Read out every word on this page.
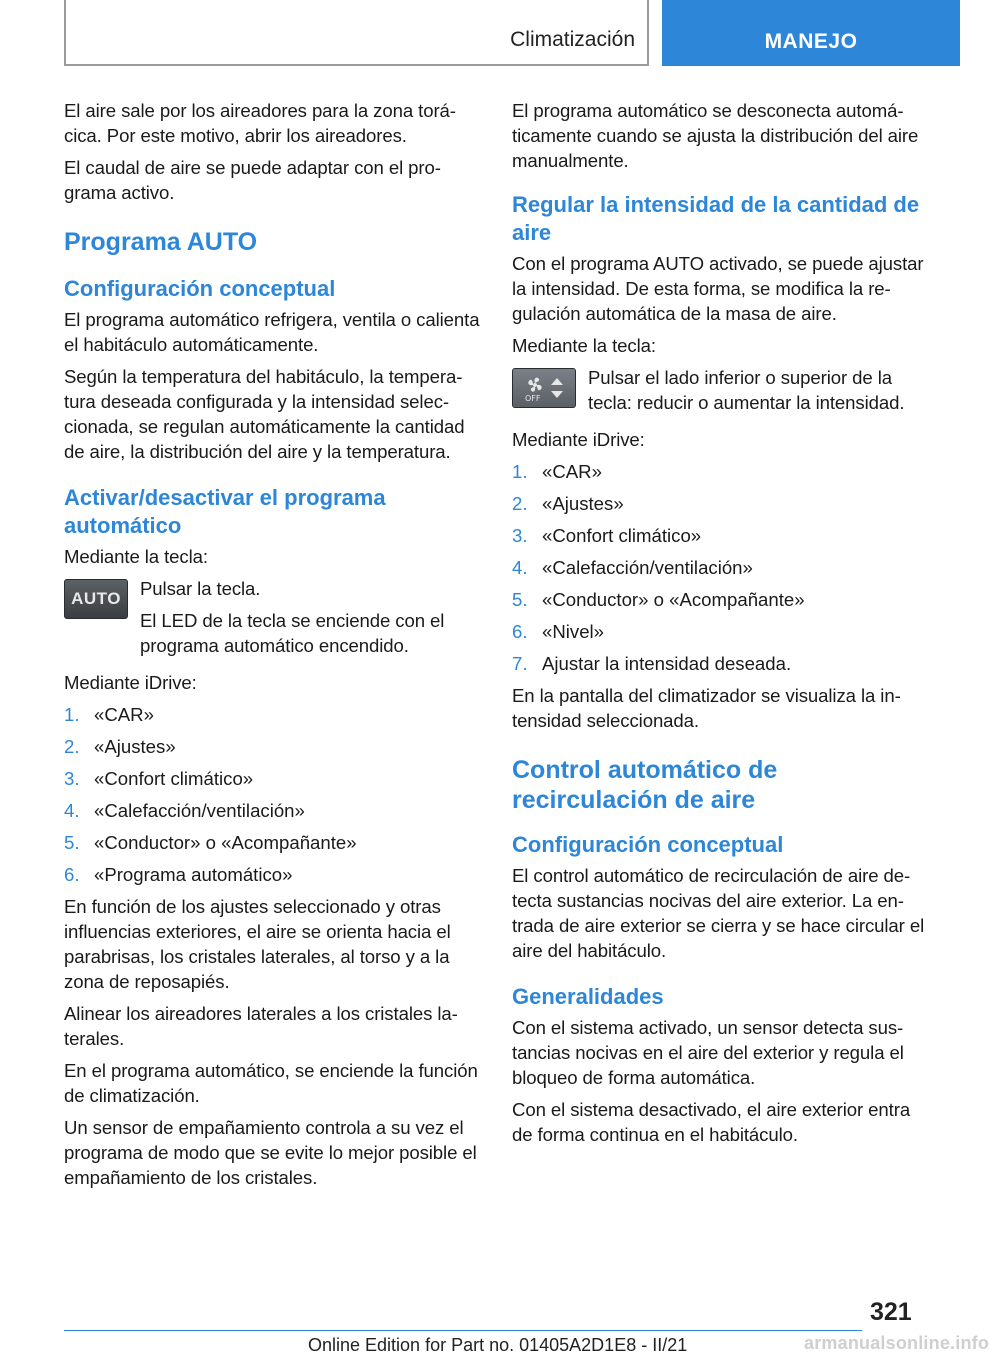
Climatización	MANEJO

El aire sale por los aireadores para la zona torácica. Por este motivo, abrir los aireadores.

El caudal de aire se puede adaptar con el programa activo.

Programa AUTO
Configuración conceptual

El programa automático refrigera, ventila o calienta el habitáculo automáticamente.

Según la temperatura del habitáculo, la temperatura deseada configurada y la intensidad seleccionada, se regulan automáticamente la cantidad de aire, la distribución del aire y la temperatura.

Activar/desactivar el programa automático

Mediante la tecla:

AUTO	Pulsar la tecla.

El LED de la tecla se enciende con el programa automático encendido.

Mediante iDrive:

1. «CAR»
2. «Ajustes»
3. «Confort climático»
4. «Calefacción/ventilación»
5. «Conductor» o «Acompañante»
6. «Programa automático»

En función de los ajustes seleccionado y otras influencias exteriores, el aire se orienta hacia el parabrisas, los cristales laterales, al torso y a la zona de reposapiés.

Alinear los aireadores laterales a los cristales laterales.

En el programa automático, se enciende la función de climatización.

Un sensor de empañamiento controla a su vez el programa de modo que se evite lo mejor posible el empañamiento de los cristales.

El programa automático se desconecta automáticamente cuando se ajusta la distribución del aire manualmente.

Regular la intensidad de la cantidad de aire

Con el programa AUTO activado, se puede ajustar la intensidad. De esta forma, se modifica la regulación automática de la masa de aire.

Mediante la tecla:

OFF

Pulsar el lado inferior o superior de la tecla: reducir o aumentar la intensidad.

Mediante iDrive:

1. «CAR»
2. «Ajustes»
3. «Confort climático»
4. «Calefacción/ventilación»
5. «Conductor» o «Acompañante»
6. «Nivel»
7. Ajustar la intensidad deseada.

En la pantalla del climatizador se visualiza la intensidad seleccionada.

Control automático de recirculación de aire
Configuración conceptual

El control automático de recirculación de aire detecta sustancias nocivas del aire exterior. La entrada de aire exterior se cierra y se hace circular el aire del habitáculo.

Generalidades

Con el sistema activado, un sensor detecta sustancias nocivas en el aire del exterior y regula el bloqueo de forma automática.

Con el sistema desactivado, el aire exterior entra de forma continua en el habitáculo.

321
Online Edition for Part no. 01405A2D1E8 - II/21	armanualsonline.info
